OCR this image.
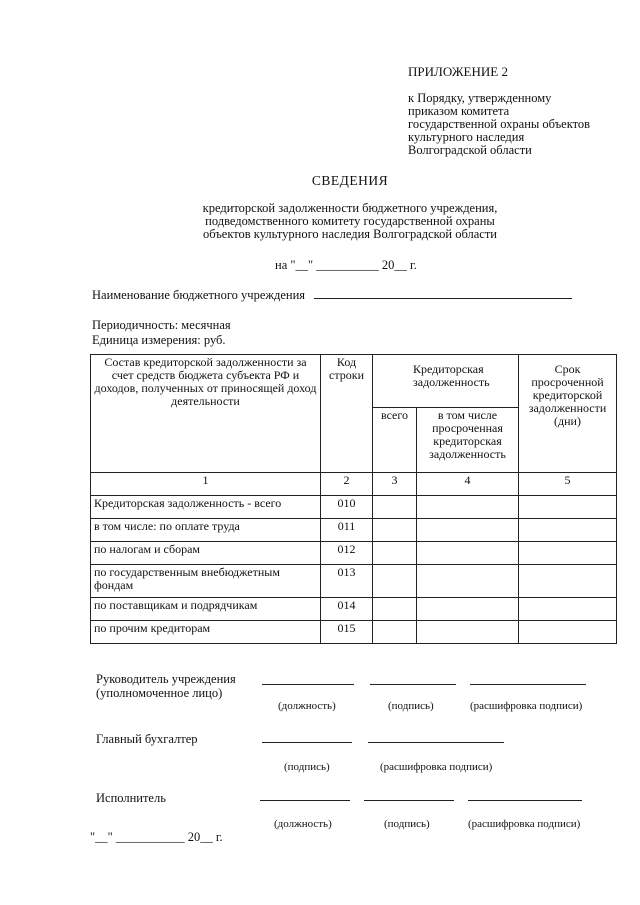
ПРИЛОЖЕНИЕ 2
к Порядку, утвержденному
приказом комитета
государственной охраны объектов
культурного наследия
Волгоградской области
СВЕДЕНИЯ
кредиторской задолженности бюджетного учреждения,
подведомственного комитету государственной охраны
объектов культурного наследия Волгоградской области
на "__" __________ 20__ г.
Наименование бюджетного учреждения
Периодичность: месячная
Единица измерения: руб.
Состав кредиторской задолженности за счет средств бюджета субъекта РФ и доходов, полученных от приносящей доход деятельности	Код строки	Кредиторская задолженность		Срок просроченной кредиторской задолженности (дни)
		всего	в том числе просроченная кредиторская задолженность	
1	2	3	4	5
Кредиторская задолженность - всего	010			
в том числе: по оплате труда	011			
по налогам и сборам	012			
по государственным внебюджетным фондам	013			
по поставщикам и подрядчикам	014			
по прочим кредиторам	015			
Руководитель учреждения
(уполномоченное лицо)
(должность)	(подпись)	(расшифровка подписи)
Главный бухгалтер
(подпись)	(расшифровка подписи)
Исполнитель
(должность)	(подпись)	(расшифровка подписи)
"__" ___________ 20__ г.
